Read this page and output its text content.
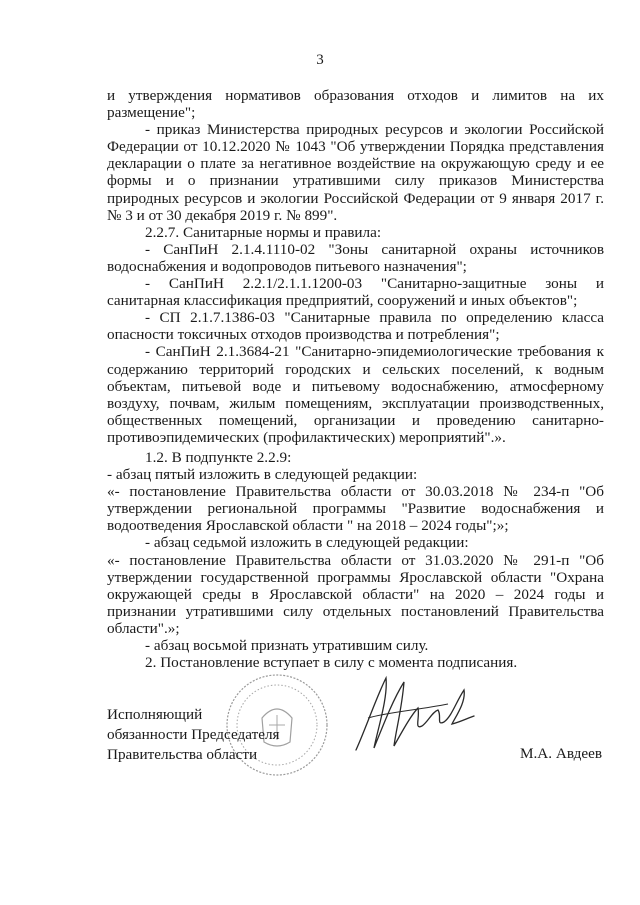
3

и утверждения нормативов образования отходов и лимитов на их размещение";

- приказ Министерства природных ресурсов и экологии Российской Федерации от 10.12.2020 № 1043 "Об утверждении Порядка представления декларации о плате за негативное воздействие на окружающую среду и ее формы и о признании утратившими силу приказов Министерства природных ресурсов и экологии Российской Федерации от 9 января 2017 г. № 3 и от 30 декабря 2019 г. № 899".

2.2.7. Санитарные нормы и правила:

- СанПиН 2.1.4.1110-02 "Зоны санитарной охраны источников водоснабжения и водопроводов питьевого назначения";

- СанПиН 2.2.1/2.1.1.1200-03 "Санитарно-защитные зоны и санитарная классификация предприятий, сооружений и иных объектов";

- СП 2.1.7.1386-03 "Санитарные правила по определению класса опасности токсичных отходов производства и потребления";

- СанПиН 2.1.3684-21 "Санитарно-эпидемиологические требования к содержанию территорий городских и сельских поселений, к водным объектам, питьевой воде и питьевому водоснабжению, атмосферному воздуху, почвам, жилым помещениям, эксплуатации производственных, общественных помещений, организации и проведению санитарно-противоэпидемических (профилактических) мероприятий".».

1.2. В подпункте 2.2.9:

- абзац пятый изложить в следующей редакции:

«- постановление Правительства области от 30.03.2018 № 234-п "Об утверждении региональной программы "Развитие водоснабжения и водоотведения Ярославской области " на 2018 – 2024 годы";»;

- абзац седьмой изложить в следующей редакции:

«- постановление Правительства области от 31.03.2020 № 291-п "Об утверждении государственной программы Ярославской области "Охрана окружающей среды в Ярославской области" на 2020 – 2024 годы и признании утратившими силу отдельных постановлений Правительства области".»;

- абзац восьмой признать утратившим силу.

2. Постановление вступает в силу с момента подписания.

Исполняющий
обязанности Председателя
Правительства области	М.А. Авдеев
